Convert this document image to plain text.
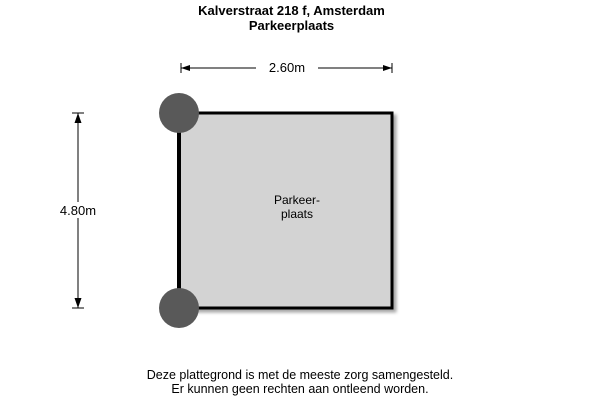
Kalverstraat 218 f, Amsterdam
Parkeerplaats
2.60m
4.80m
Parkeer-
plaats
Deze plattegrond is met de meeste zorg samengesteld.
Er kunnen geen rechten aan ontleend worden.
